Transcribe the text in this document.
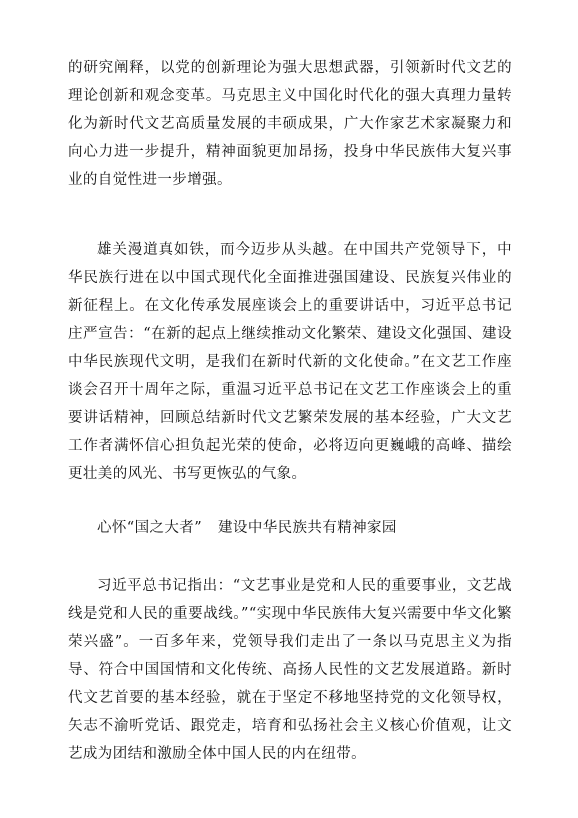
的研究阐释，以党的创新理论为强大思想武器，引领新时代文艺的理论创新和观念变革。马克思主义中国化时代化的强大真理力量转化为新时代文艺高质量发展的丰硕成果，广大作家艺术家凝聚力和向心力进一步提升，精神面貌更加昂扬，投身中华民族伟大复兴事业的自觉性进一步增强。

雄关漫道真如铁，而今迈步从头越。在中国共产党领导下，中华民族行进在以中国式现代化全面推进强国建设、民族复兴伟业的新征程上。在文化传承发展座谈会上的重要讲话中，习近平总书记庄严宣告：“在新的起点上继续推动文化繁荣、建设文化强国、建设中华民族现代文明，是我们在新时代新的文化使命。”在文艺工作座谈会召开十周年之际，重温习近平总书记在文艺工作座谈会上的重要讲话精神，回顾总结新时代文艺繁荣发展的基本经验，广大文艺工作者满怀信心担负起光荣的使命，必将迈向更巍峨的高峰、描绘更壮美的风光、书写更恢弘的气象。

心怀“国之大者” 建设中华民族共有精神家园

习近平总书记指出：“文艺事业是党和人民的重要事业，文艺战线是党和人民的重要战线。”“实现中华民族伟大复兴需要中华文化繁荣兴盛”。一百多年来，党领导我们走出了一条以马克思主义为指导、符合中国国情和文化传统、高扬人民性的文艺发展道路。新时代文艺首要的基本经验，就在于坚定不移地坚持党的文化领导权，矢志不渝听党话、跟党走，培育和弘扬社会主义核心价值观，让文艺成为团结和激励全体中国人民的内在纽带。
